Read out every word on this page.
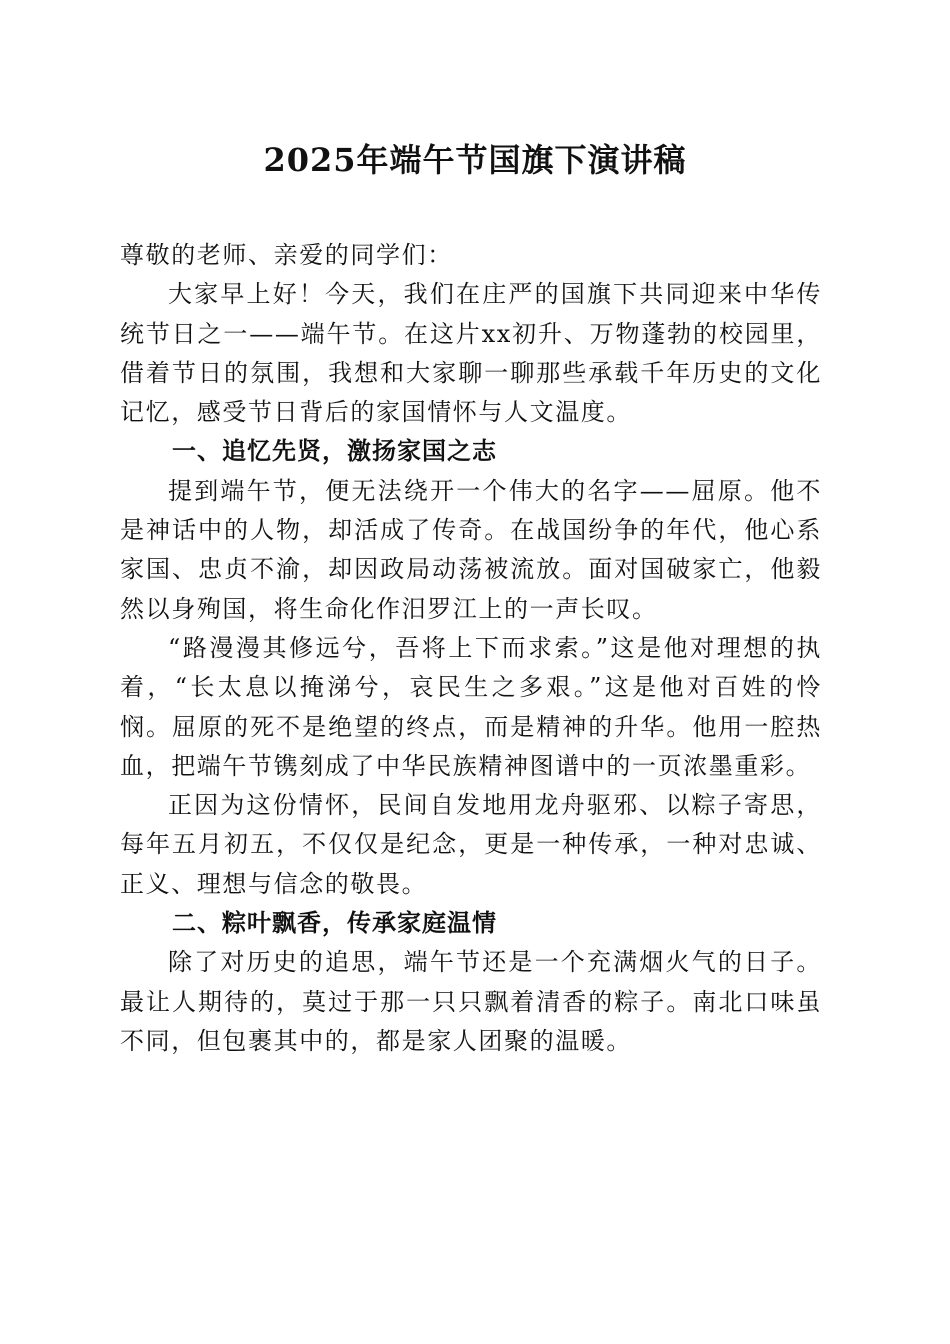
2025年端午节国旗下演讲稿

尊敬的老师、亲爱的同学们：

大家早上好！今天，我们在庄严的国旗下共同迎来中华传统节日之一——端午节。在这片xx初升、万物蓬勃的校园里，借着节日的氛围，我想和大家聊一聊那些承载千年历史的文化记忆，感受节日背后的家国情怀与人文温度。

一、追忆先贤，激扬家国之志

提到端午节，便无法绕开一个伟大的名字——屈原。他不是神话中的人物，却活成了传奇。在战国纷争的年代，他心系家国、忠贞不渝，却因政局动荡被流放。面对国破家亡，他毅然以身殉国，将生命化作汨罗江上的一声长叹。

“路漫漫其修远兮，吾将上下而求索。”这是他对理想的执着，“长太息以掩涕兮，哀民生之多艰。”这是他对百姓的怜悯。屈原的死不是绝望的终点，而是精神的升华。他用一腔热血，把端午节镌刻成了中华民族精神图谱中的一页浓墨重彩。

正因为这份情怀，民间自发地用龙舟驱邪、以粽子寄思，每年五月初五，不仅仅是纪念，更是一种传承，一种对忠诚、正义、理想与信念的敬畏。

二、粽叶飘香，传承家庭温情

除了对历史的追思，端午节还是一个充满烟火气的日子。最让人期待的，莫过于那一只只飘着清香的粽子。南北口味虽不同，但包裹其中的，都是家人团聚的温暖。
